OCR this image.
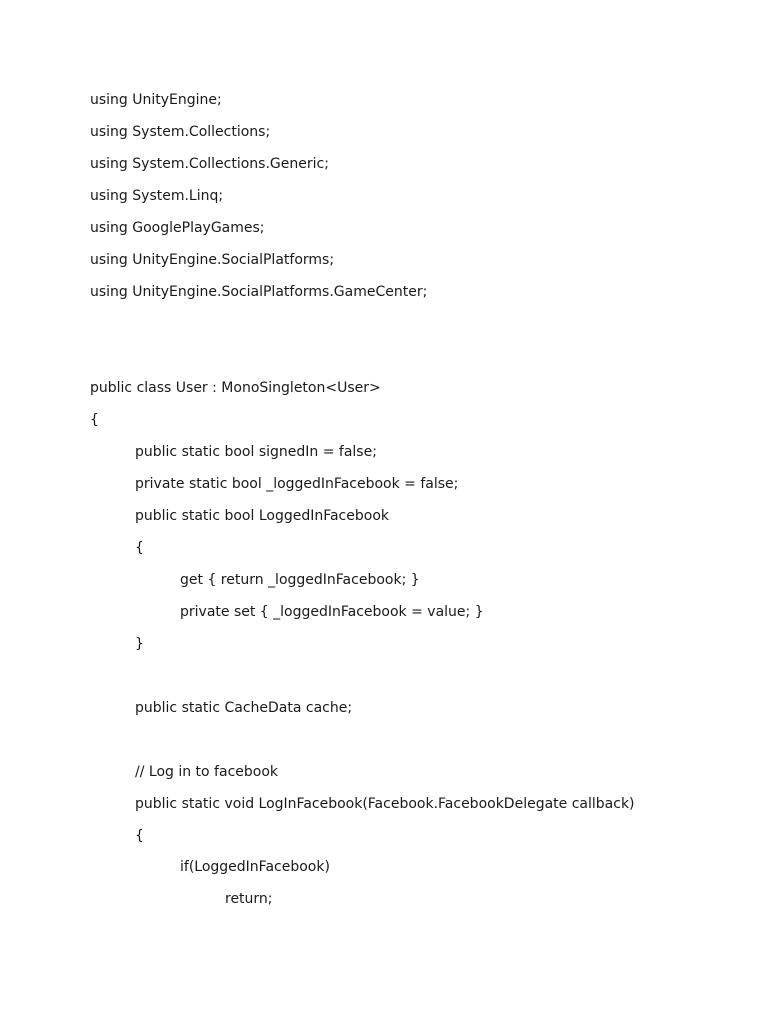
using UnityEngine;
using System.Collections;
using System.Collections.Generic;
using System.Linq;
using GooglePlayGames;
using UnityEngine.SocialPlatforms;
using UnityEngine.SocialPlatforms.GameCenter;
public class User : MonoSingleton<User>
{
public static bool signedIn = false;
private static bool _loggedInFacebook = false;
public static bool LoggedInFacebook
{
get { return _loggedInFacebook; }
private set { _loggedInFacebook = value; }
}
public static CacheData cache;
// Log in to facebook
public static void LogInFacebook(Facebook.FacebookDelegate callback)
{
if(LoggedInFacebook)
return;
